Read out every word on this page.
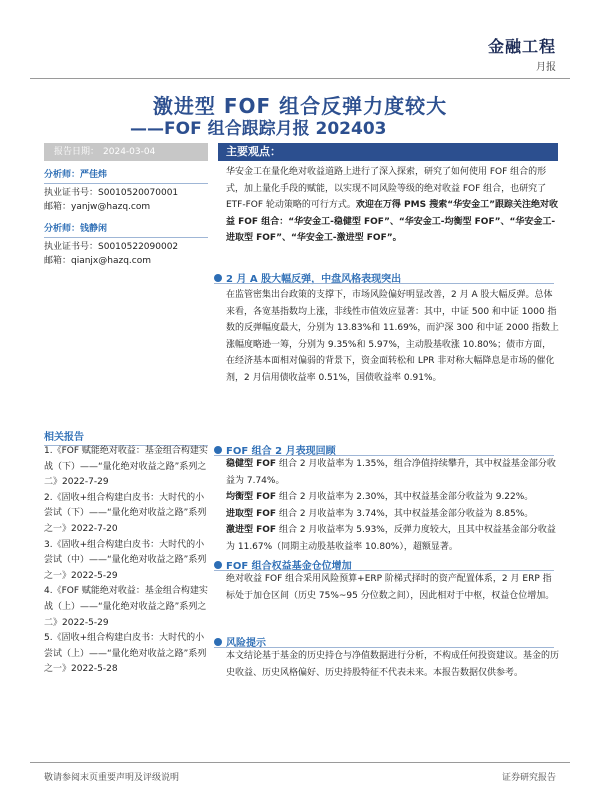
金融工程
月报
激进型 FOF 组合反弹力度较大
——FOF 组合跟踪月报 202403
报告日期： 2024-03-04
分析师：严佳炜
执业证书号：S0010520070001
邮箱：yanjw@hazq.com
分析师：钱静闲
执业证书号：S0010522090002
邮箱：qianjx@hazq.com
相关报告
1.《FOF 赋能绝对收益：基金组合构建实战（下）——“量化绝对收益之路”系列之二》2022-7-29
2.《固收+组合构建白皮书：大时代的小尝试（下）——“量化绝对收益之路”系列之一》2022-7-20
3.《固收+组合构建白皮书：大时代的小尝试（中）——“量化绝对收益之路”系列之一》2022-5-29
4.《FOF 赋能绝对收益：基金组合构建实战（上）——“量化绝对收益之路”系列之二》2022-5-29
5.《固收+组合构建白皮书：大时代的小尝试（上）——“量化绝对收益之路”系列之一》2022-5-28
主要观点：
华安金工在量化绝对收益道路上进行了深入探索，研究了如何使用 FOF 组合的形式，加上量化手段的赋能，以实现不同风险等级的绝对收益 FOF 组合，也研究了 ETF-FOF 轮动策略的可行方式。欢迎在万得 PMS 搜索“华安金工”跟踪关注绝对收益 FOF 组合：“华安金工-稳健型 FOF”、“华安金工-均衡型 FOF”、“华安金工-进取型 FOF”、“华安金工-激进型 FOF”。
2 月 A 股大幅反弹，中盘风格表现突出
在监管密集出台政策的支撑下，市场风险偏好明显改善，2 月 A 股大幅反弹。总体来看，各宽基指数均上涨，非线性市值效应显著：其中，中证 500 和中证 1000 指数的反弹幅度最大，分别为 13.83%和 11.69%，而沪深 300 和中证 2000 指数上涨幅度略逊一筹，分别为 9.35%和 5.97%，主动股基收涨 10.80%；债市方面，在经济基本面相对偏弱的背景下，资金面转松和 LPR 非对称大幅降息是市场的催化剂，2 月信用债收益率 0.51%，国债收益率 0.91%。
FOF 组合 2 月表现回顾
稳健型 FOF 组合 2 月收益率为 1.35%，组合净值持续攀升，其中权益基金部分收益为 7.74%。
均衡型 FOF 组合 2 月收益率为 2.30%，其中权益基金部分收益为 9.22%。
进取型 FOF 组合 2 月收益率为 3.74%，其中权益基金部分收益为 8.85%。
激进型 FOF 组合 2 月收益率为 5.93%，反弹力度较大，且其中权益基金部分收益为 11.67%（同期主动股基收益率 10.80%），超额显著。
FOF 组合权益基金仓位增加
绝对收益 FOF 组合采用风险预算+ERP 阶梯式择时的资产配置体系，2 月 ERP 指标处于加仓区间（历史 75%~95 分位数之间），因此相对于中枢，权益仓位增加。
风险提示
本文结论基于基金的历史持仓与净值数据进行分析，不构成任何投资建议。基金的历史收益、历史风格偏好、历史持股特征不代表未来。本报告数据仅供参考。
敬请参阅末页重要声明及评级说明	证券研究报告
